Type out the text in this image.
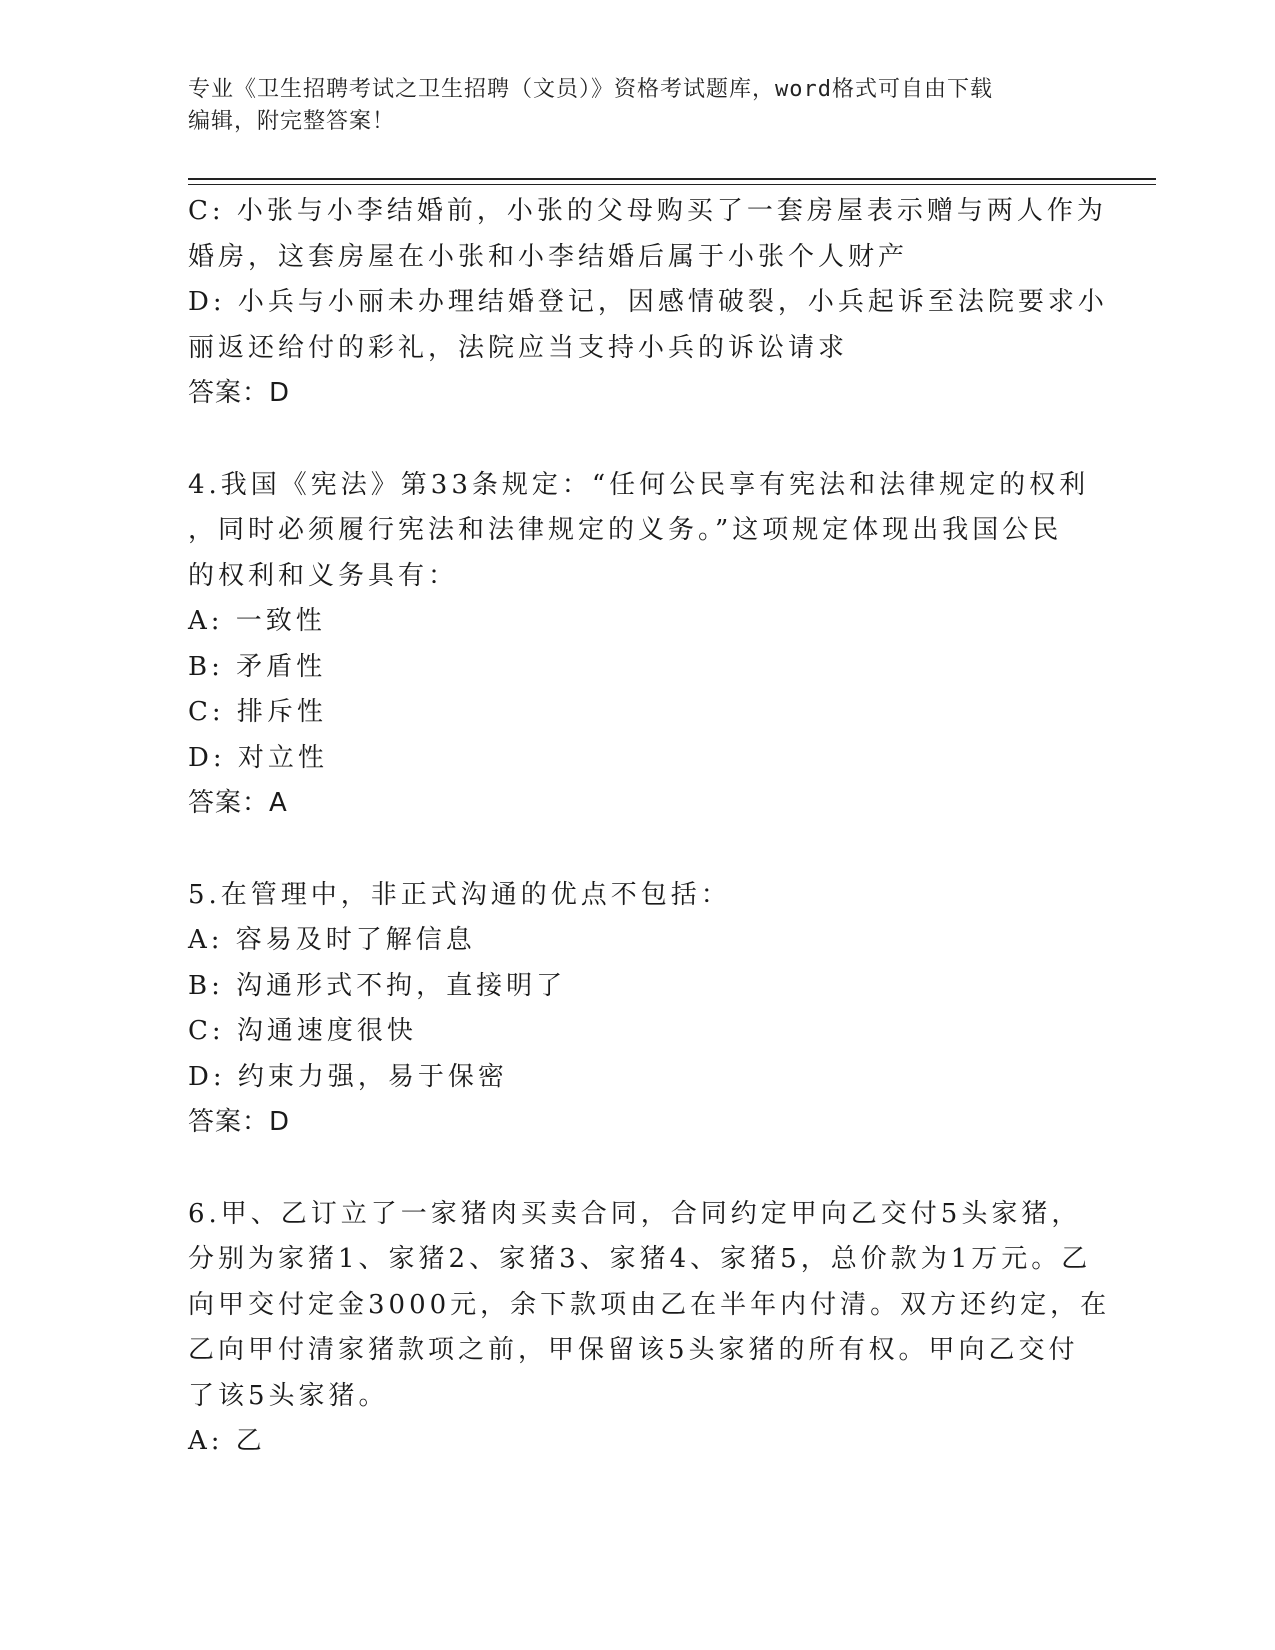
专业《卫生招聘考试之卫生招聘（文员）》资格考试题库，word格式可自由下载
编辑，附完整答案！
C: 小张与小李结婚前，小张的父母购买了一套房屋表示赠与两人作为
婚房，这套房屋在小张和小李结婚后属于小张个人财产
D: 小兵与小丽未办理结婚登记，因感情破裂，小兵起诉至法院要求小
丽返还给付的彩礼，法院应当支持小兵的诉讼请求
答案：D
4.我国《宪法》第33条规定：“任何公民享有宪法和法律规定的权利
，同时必须履行宪法和法律规定的义务。”这项规定体现出我国公民
的权利和义务具有：
A: 一致性
B: 矛盾性
C: 排斥性
D: 对立性
答案：A
5.在管理中，非正式沟通的优点不包括：
A: 容易及时了解信息
B: 沟通形式不拘，直接明了
C: 沟通速度很快
D: 约束力强，易于保密
答案：D
6.甲、乙订立了一家猪肉买卖合同，合同约定甲向乙交付5头家猪，
分别为家猪1、家猪2、家猪3、家猪4、家猪5，总价款为1万元。乙
向甲交付定金3000元，余下款项由乙在半年内付清。双方还约定，在
乙向甲付清家猪款项之前，甲保留该5头家猪的所有权。甲向乙交付
了该5头家猪。
A: 乙
